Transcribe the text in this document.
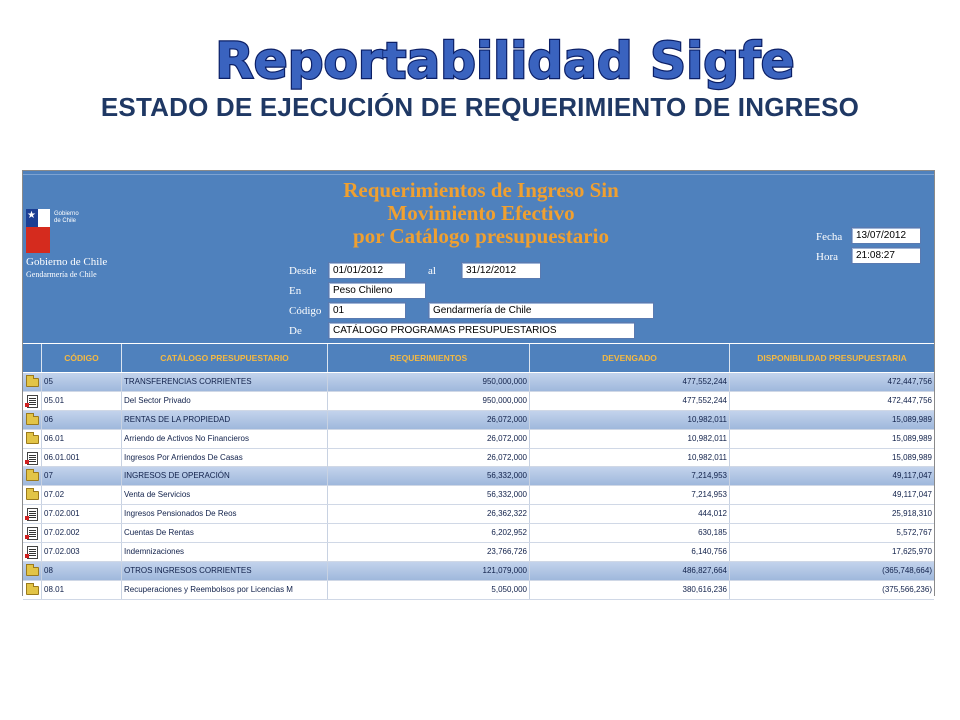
Reportabilidad Sigfe
ESTADO DE EJECUCIÓN DE REQUERIMIENTO DE INGRESO
★	Gobierno de Chile
Gobierno de Chile
Gendarmería de Chile
Requerimientos de Ingreso Sin
Movimiento Efectivo
por Catálogo presupuestario
Desde	01/01/2012	al	31/12/2012
En	Peso Chileno
Código	01	Gendarmería de Chile
De	CATÁLOGO PROGRAMAS PRESUPUESTARIOS
Fecha	13/07/2012
Hora	21:08:27
CÓDIGO	CATÁLOGO PRESUPUESTARIO	REQUERIMIENTOS	DEVENGADO	DISPONIBILIDAD PRESUPUESTARIA
05	TRANSFERENCIAS CORRIENTES	950,000,000	477,552,244	472,447,756
05.01	Del Sector Privado	950,000,000	477,552,244	472,447,756
06	RENTAS DE LA PROPIEDAD	26,072,000	10,982,011	15,089,989
06.01	Arriendo de Activos No Financieros	26,072,000	10,982,011	15,089,989
06.01.001	Ingresos Por Arriendos De Casas	26,072,000	10,982,011	15,089,989
07	INGRESOS DE OPERACIÓN	56,332,000	7,214,953	49,117,047
07.02	Venta de Servicios	56,332,000	7,214,953	49,117,047
07.02.001	Ingresos Pensionados De Reos	26,362,322	444,012	25,918,310
07.02.002	Cuentas De Rentas	6,202,952	630,185	5,572,767
07.02.003	Indemnizaciones	23,766,726	6,140,756	17,625,970
08	OTROS INGRESOS CORRIENTES	121,079,000	486,827,664	(365,748,664)
08.01	Recuperaciones y Reembolsos por Licencias M	5,050,000	380,616,236	(375,566,236)
